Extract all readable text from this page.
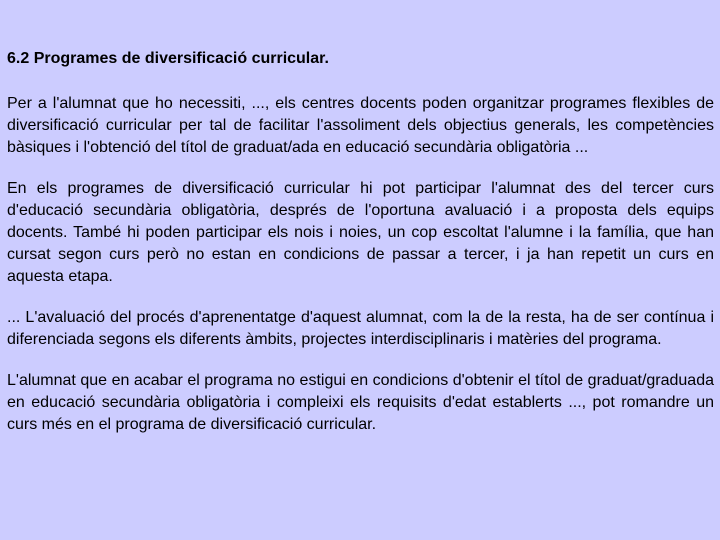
6.2 Programes de diversificació curricular.

Per a l'alumnat que ho necessiti, ..., els centres docents poden organitzar programes flexibles de diversificació curricular per tal de facilitar l'assoliment dels objectius generals, les competències bàsiques i l'obtenció del títol de graduat/ada en educació secundària obligatòria ...

En els programes de diversificació curricular hi pot participar l'alumnat des del tercer curs d'educació secundària obligatòria, després de l'oportuna avaluació i a proposta dels equips docents. També hi poden participar els nois i noies, un cop escoltat l'alumne i la família, que han cursat segon curs però no estan en condicions de passar a tercer, i ja han repetit un curs en aquesta etapa.

... L'avaluació del procés d'aprenentatge d'aquest alumnat, com la de la resta, ha de ser contínua i diferenciada segons els diferents àmbits, projectes interdisciplinaris i matèries del programa.

L'alumnat que en acabar el programa no estigui en condicions d'obtenir el títol de graduat/graduada en educació secundària obligatòria i compleixi els requisits d'edat establerts ..., pot romandre un curs més en el programa de diversificació curricular.
